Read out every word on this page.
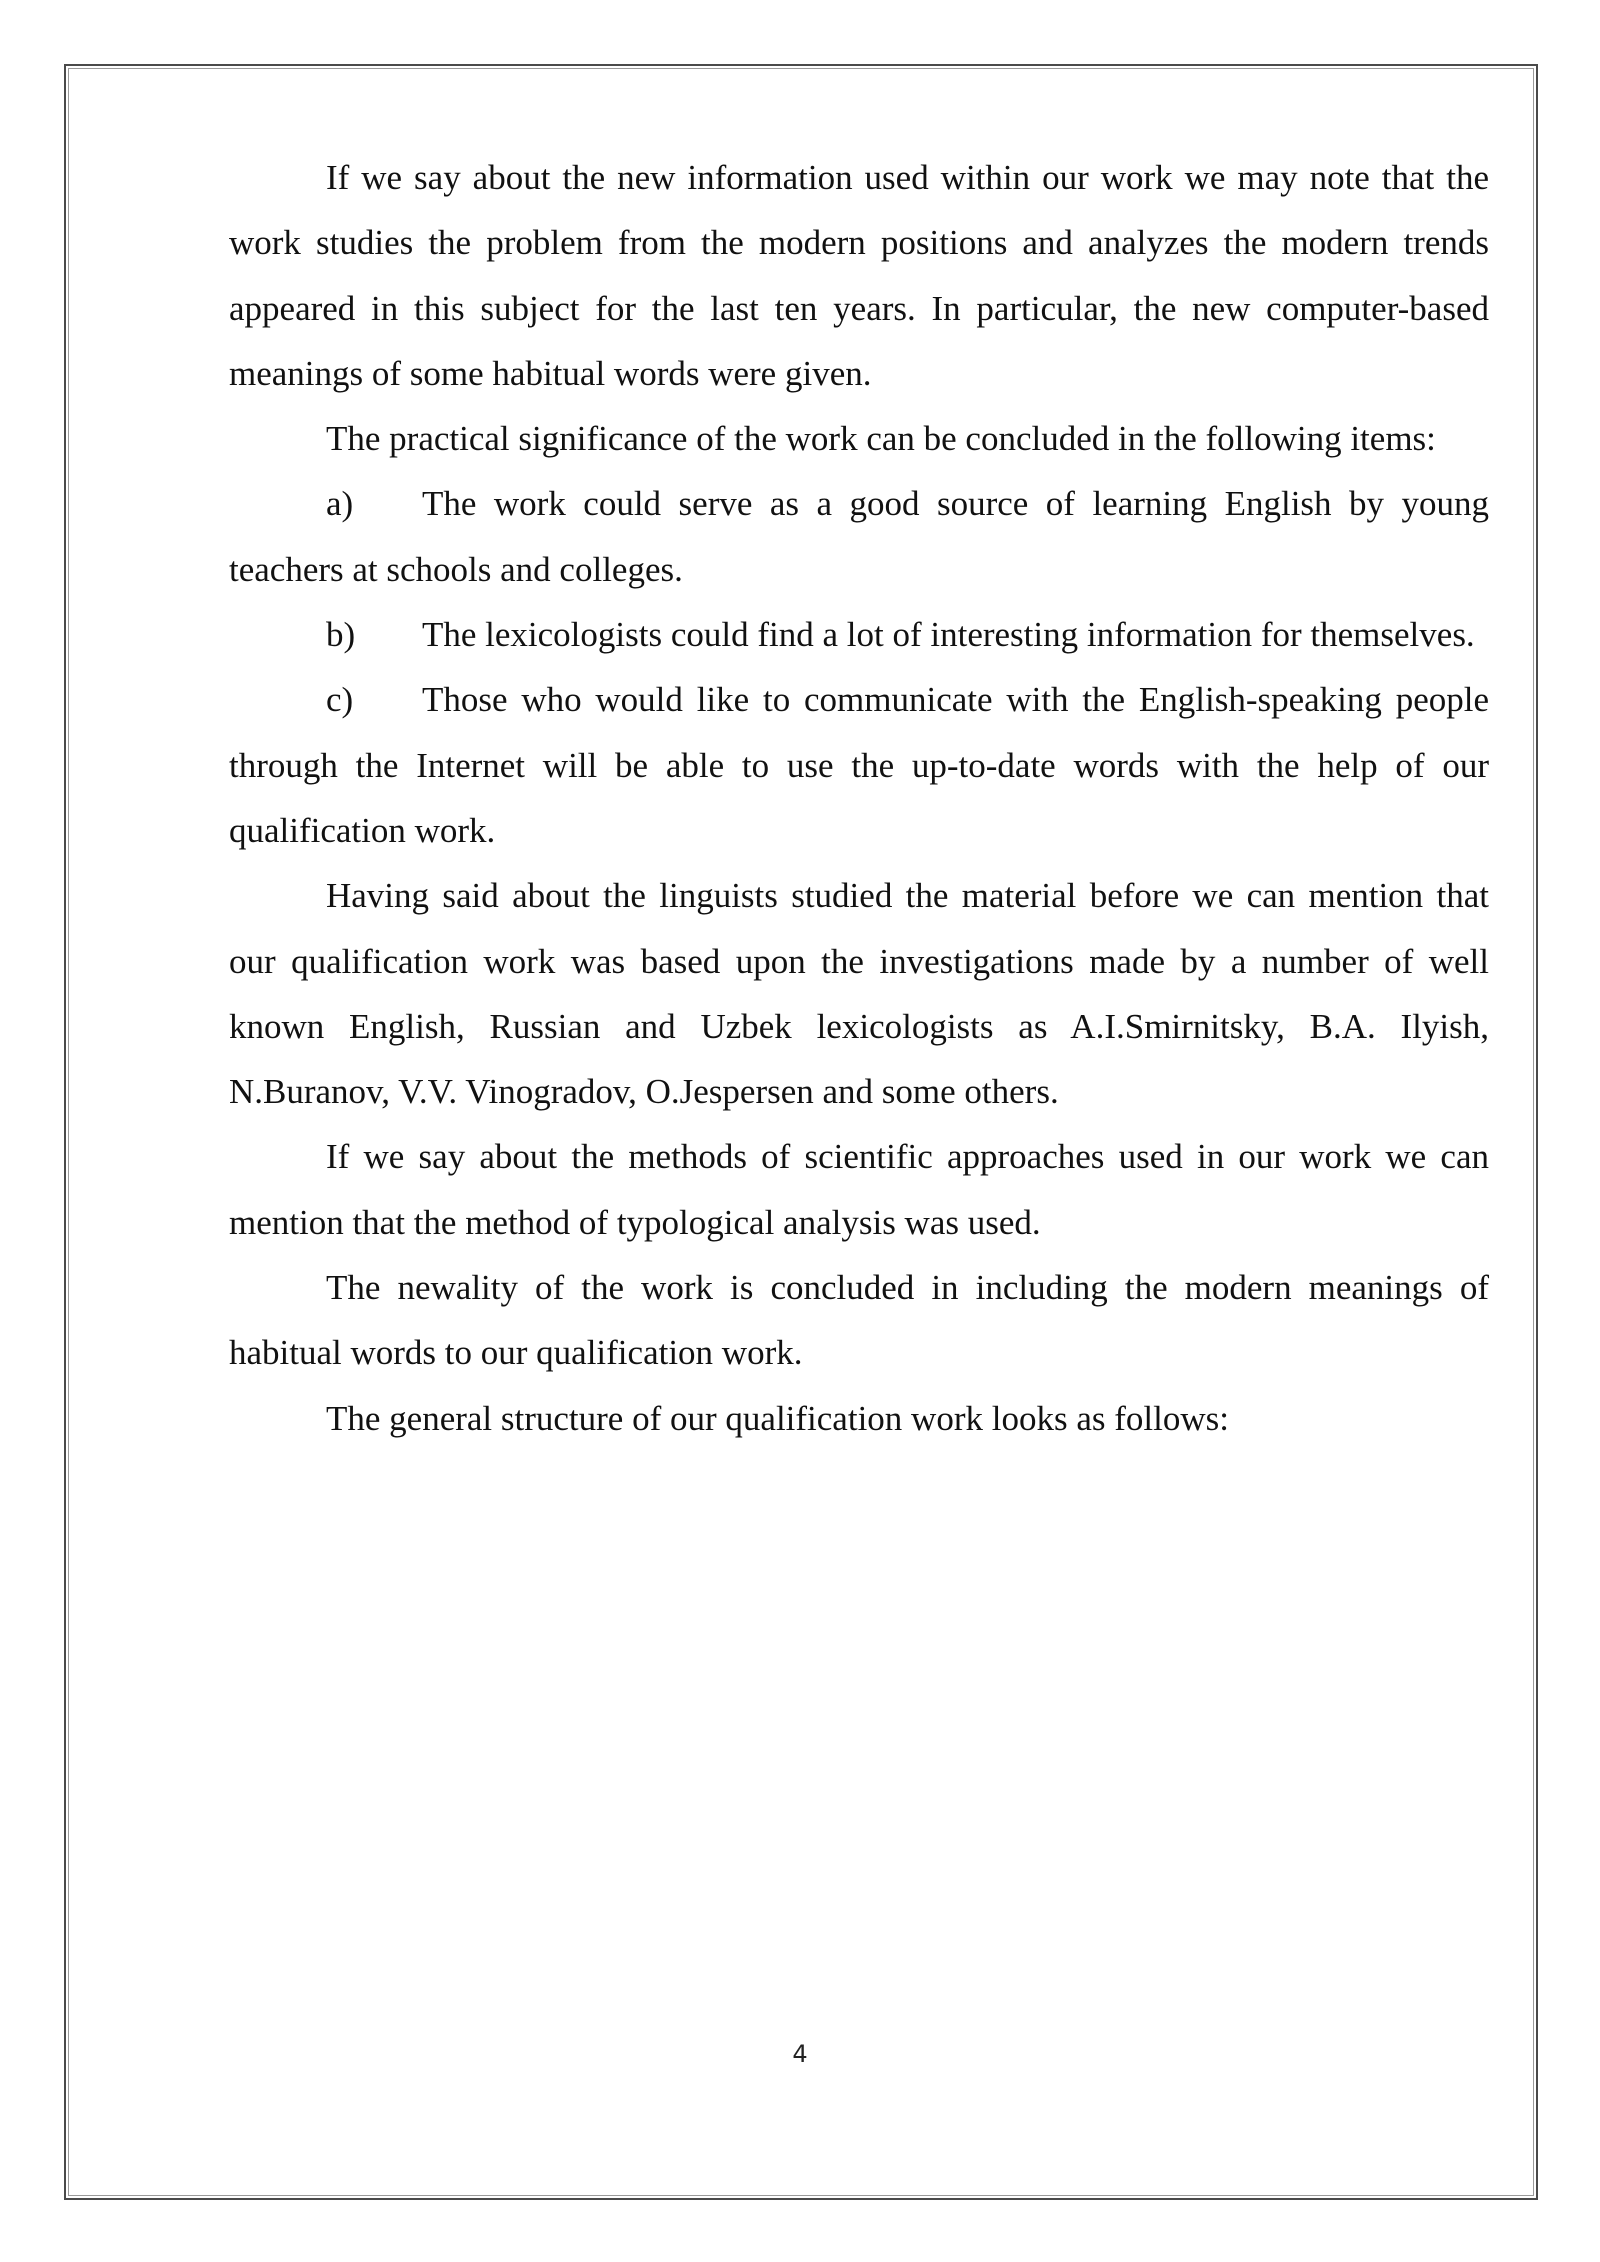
If we say about the new information used within our work we may note that the work studies the problem from the modern positions and analyzes the modern trends appeared in this subject for the last ten years. In particular, the new computer-based meanings of some habitual words were given.

The practical significance of the work can be concluded in the following items:

a) The work could serve as a good source of learning English by young teachers at schools and colleges.

b) The lexicologists could find a lot of interesting information for themselves.

c) Those who would like to communicate with the English-speaking people through the Internet will be able to use the up-to-date words with the help of our qualification work.

Having said about the linguists studied the material before we can mention that our qualification work was based upon the investigations made by a number of well known English, Russian and Uzbek lexicologists as A.I.Smirnitsky, B.A. Ilyish, N.Buranov, V.V. Vinogradov, O.Jespersen and some others.

If we say about the methods of scientific approaches used in our work we can mention that the method of typological analysis was used.

The newality of the work is concluded in including the modern meanings of habitual words to our qualification work.

The general structure of our qualification work looks as follows:

4
